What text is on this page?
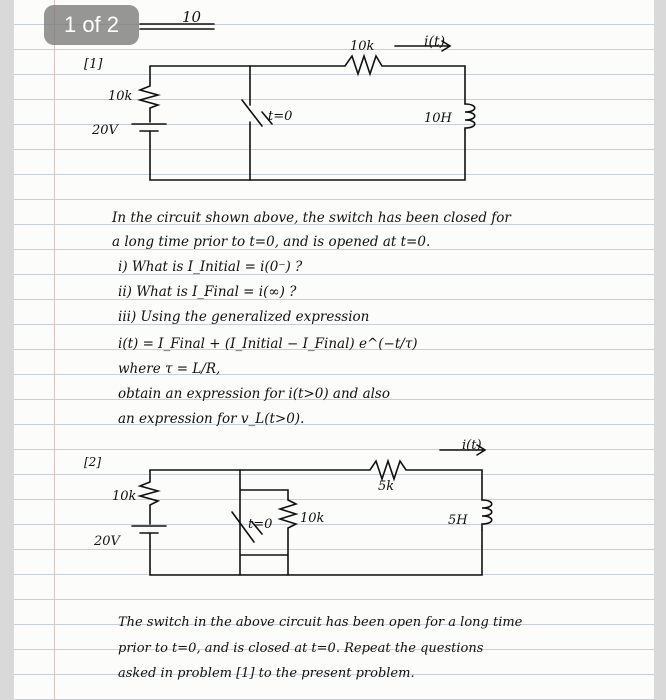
10
[1]
10k
10k	i(t)
20V
t=0	10H
In the circuit shown above, the switch has been closed for
a long time prior to t=0, and is opened at t=0.
i) What is I_Initial = i(0⁻) ?
ii) What is I_Final = i(∞) ?
iii) Using the generalized expression
i(t) = I_Final + (I_Initial − I_Final) e^(−t/τ)
where τ = L/R,
obtain an expression for i(t>0) and also
an expression for v_L(t>0).
[2]
i(t)
5k
10k
20V
t=0 10k	5H
The switch in the above circuit has been open for a long time
prior to t=0, and is closed at t=0. Repeat the questions
asked in problem [1] to the present problem.
1 of 2
